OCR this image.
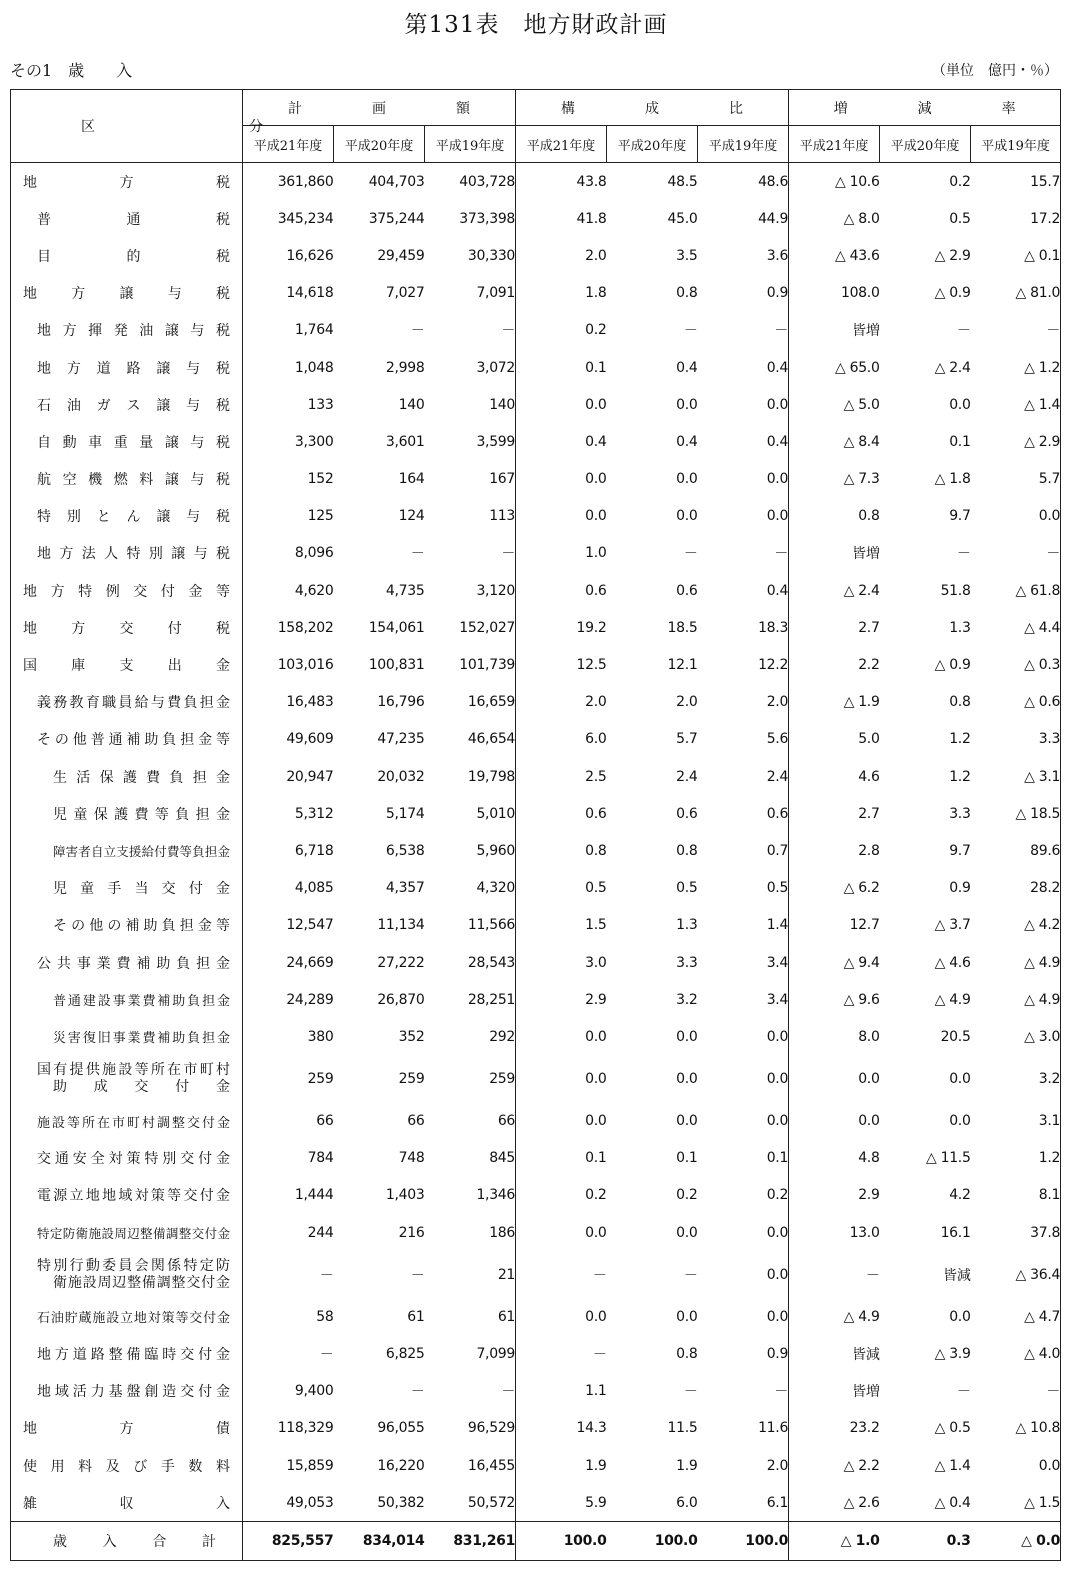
第131表　地方財政計画
その1　歳　　入	（単位　億円・％）
区　分	計　画　額			構　成　比			増　減　率		
	平成21年度	平成20年度	平成19年度	平成21年度	平成20年度	平成19年度	平成21年度	平成20年度	平成19年度
地方税	361,860	404,703	403,728	43.8	48.5	48.6	△ 10.6	0.2	15.7
普通税	345,234	375,244	373,398	41.8	45.0	44.9	△ 8.0	0.5	17.2
目的税	16,626	29,459	30,330	2.0	3.5	3.6	△ 43.6	△ 2.9	△ 0.1
地方譲与税	14,618	7,027	7,091	1.8	0.8	0.9	108.0	△ 0.9	△ 81.0
地方揮発油譲与税	1,764	－	－	0.2	－	－	皆増	－	－
地方道路譲与税	1,048	2,998	3,072	0.1	0.4	0.4	△ 65.0	△ 2.4	△ 1.2
石油ガス譲与税	133	140	140	0.0	0.0	0.0	△ 5.0	0.0	△ 1.4
自動車重量譲与税	3,300	3,601	3,599	0.4	0.4	0.4	△ 8.4	0.1	△ 2.9
航空機燃料譲与税	152	164	167	0.0	0.0	0.0	△ 7.3	△ 1.8	5.7
特別とん譲与税	125	124	113	0.0	0.0	0.0	0.8	9.7	0.0
地方法人特別譲与税	8,096	－	－	1.0	－	－	皆増	－	－
地方特例交付金等	4,620	4,735	3,120	0.6	0.6	0.4	△ 2.4	51.8	△ 61.8
地方交付税	158,202	154,061	152,027	19.2	18.5	18.3	2.7	1.3	△ 4.4
国庫支出金	103,016	100,831	101,739	12.5	12.1	12.2	2.2	△ 0.9	△ 0.3
義務教育職員給与費負担金	16,483	16,796	16,659	2.0	2.0	2.0	△ 1.9	0.8	△ 0.6
その他普通補助負担金等	49,609	47,235	46,654	6.0	5.7	5.6	5.0	1.2	3.3
生活保護費負担金	20,947	20,032	19,798	2.5	2.4	2.4	4.6	1.2	△ 3.1
児童保護費等負担金	5,312	5,174	5,010	0.6	0.6	0.6	2.7	3.3	△ 18.5
障害者自立支援給付費等負担金	6,718	6,538	5,960	0.8	0.8	0.7	2.8	9.7	89.6
児童手当交付金	4,085	4,357	4,320	0.5	0.5	0.5	△ 6.2	0.9	28.2
その他の補助負担金等	12,547	11,134	11,566	1.5	1.3	1.4	12.7	△ 3.7	△ 4.2
公共事業費補助負担金	24,669	27,222	28,543	3.0	3.3	3.4	△ 9.4	△ 4.6	△ 4.9
普通建設事業費補助負担金	24,289	26,870	28,251	2.9	3.2	3.4	△ 9.6	△ 4.9	△ 4.9
災害復旧事業費補助負担金	380	352	292	0.0	0.0	0.0	8.0	20.5	△ 3.0

国有提供施設等所在市町村
助成交付金	259	259	259	0.0	0.0	0.0	0.0	0.0	3.2
施設等所在市町村調整交付金	66	66	66	0.0	0.0	0.0	0.0	0.0	3.1
交通安全対策特別交付金	784	748	845	0.1	0.1	0.1	4.8	△ 11.5	1.2
電源立地地域対策等交付金	1,444	1,403	1,346	0.2	0.2	0.2	2.9	4.2	8.1
特定防衛施設周辺整備調整交付金	244	216	186	0.0	0.0	0.0	13.0	16.1	37.8

特別行動委員会関係特定防
衛施設周辺整備調整交付金	－	－	21	－	－	0.0	－	皆減	△ 36.4
石油貯蔵施設立地対策等交付金	58	61	61	0.0	0.0	0.0	△ 4.9	0.0	△ 4.7
地方道路整備臨時交付金	－	6,825	7,099	－	0.8	0.9	皆減	△ 3.9	△ 4.0
地域活力基盤創造交付金	9,400	－	－	1.1	－	－	皆増	－	－
地方債	118,329	96,055	96,529	14.3	11.5	11.6	23.2	△ 0.5	△ 10.8
使用料及び手数料	15,859	16,220	16,455	1.9	1.9	2.0	△ 2.2	△ 1.4	0.0
雑収入	49,053	50,382	50,572	5.9	6.0	6.1	△ 2.6	△ 0.4	△ 1.5
歳入合計	825,557	834,014	831,261	100.0	100.0	100.0	△ 1.0	0.3	△ 0.0
